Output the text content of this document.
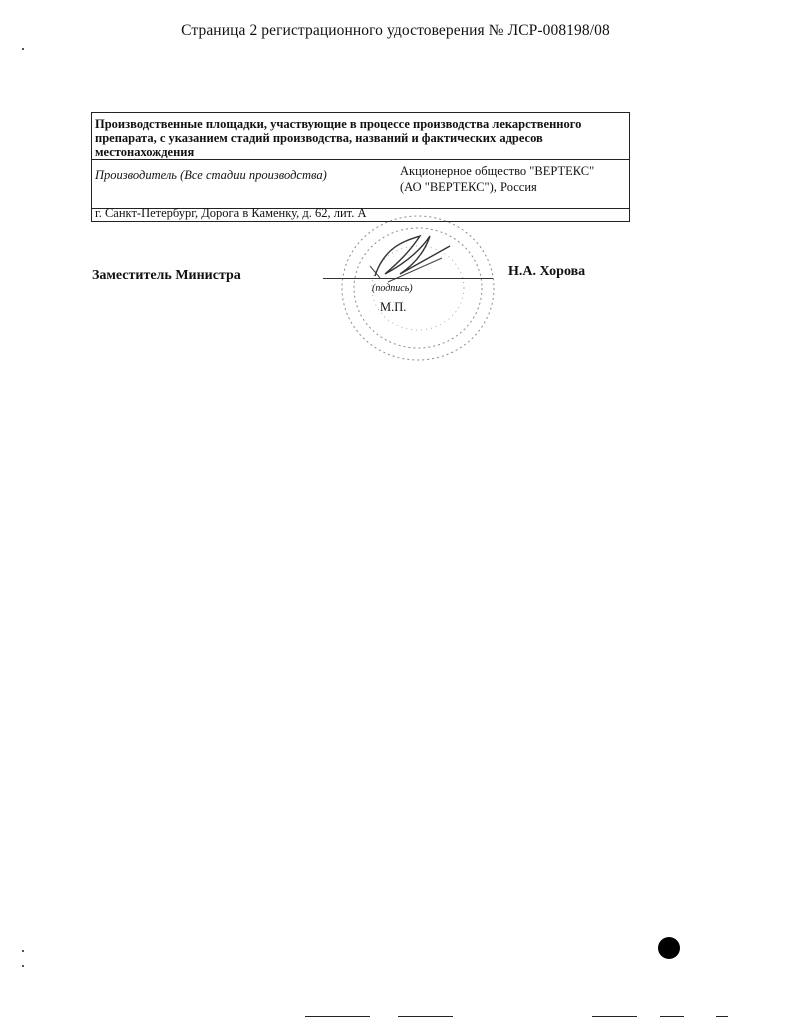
Страница 2 регистрационного удостоверения № ЛСР-008198/08
Производственные площадки, участвующие в процессе производства лекарственного препарата, с указанием стадий производства, названий и фактических адресов местонахождения
Производитель (Все стадии производства)	Акционерное общество "ВЕРТЕКС"
(АО "ВЕРТЕКС"), Россия
г. Санкт-Петербург, Дорога в Каменку, д. 62, лит. А
Заместитель Министра
(подпись)
М.П.
Н.А. Хорова
